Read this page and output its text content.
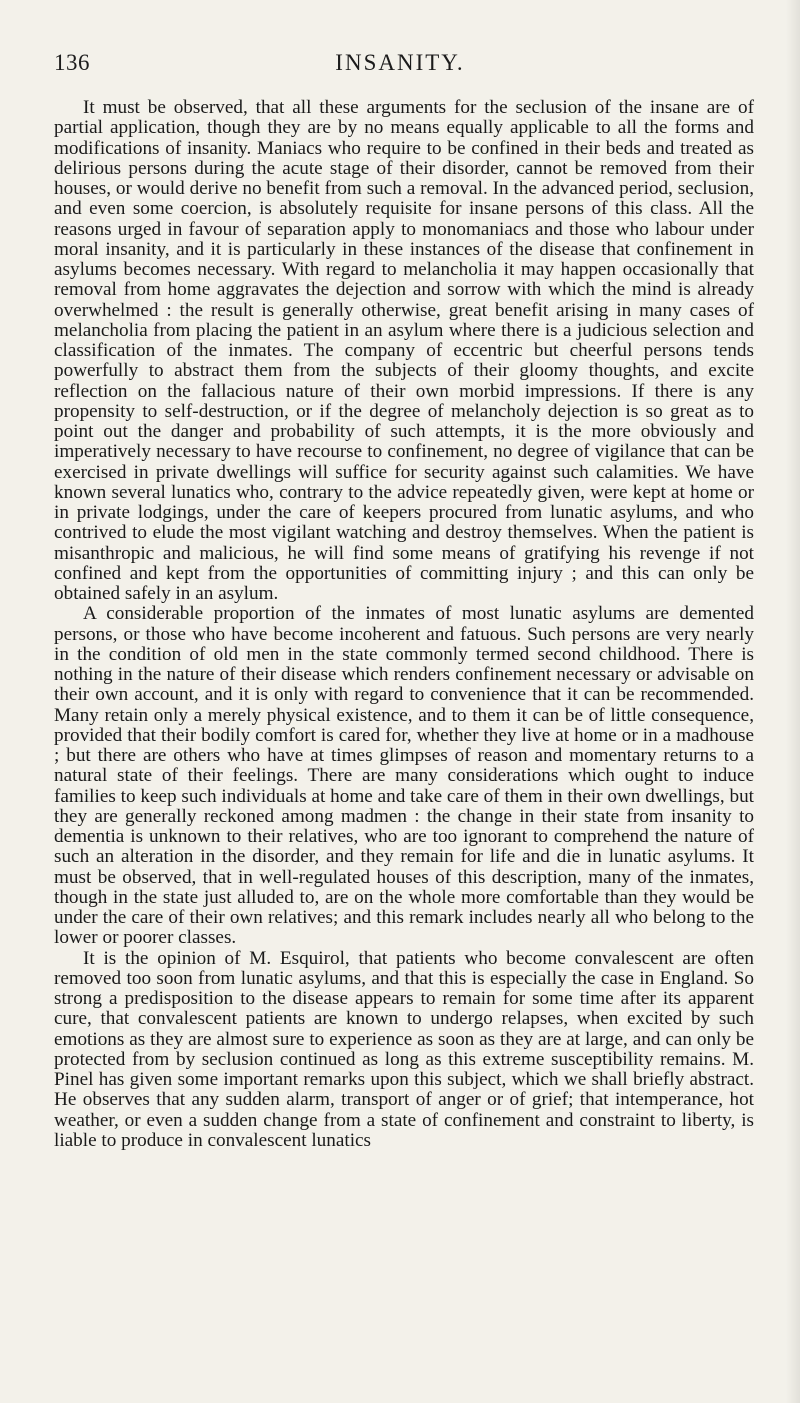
136	INSANITY.

It must be observed, that all these arguments for the seclusion of the insane are of partial application, though they are by no means equally applicable to all the forms and modifications of insanity. Maniacs who require to be confined in their beds and treated as delirious persons during the acute stage of their disorder, cannot be removed from their houses, or would derive no benefit from such a removal. In the advanced period, seclusion, and even some coercion, is absolutely requisite for insane persons of this class. All the reasons urged in favour of separation apply to monomaniacs and those who labour under moral insanity, and it is particularly in these instances of the disease that confinement in asylums becomes necessary. With regard to melancholia it may happen occasionally that removal from home aggravates the dejection and sorrow with which the mind is already overwhelmed : the result is generally otherwise, great benefit arising in many cases of melancholia from placing the patient in an asylum where there is a judicious selection and classification of the inmates. The company of eccentric but cheerful persons tends powerfully to abstract them from the subjects of their gloomy thoughts, and excite reflection on the fallacious nature of their own morbid impressions. If there is any propensity to self-destruction, or if the degree of melancholy dejection is so great as to point out the danger and probability of such attempts, it is the more obviously and imperatively necessary to have recourse to confinement, no degree of vigilance that can be exercised in private dwellings will suffice for security against such calamities. We have known several lunatics who, contrary to the advice repeatedly given, were kept at home or in private lodgings, under the care of keepers procured from lunatic asylums, and who contrived to elude the most vigilant watching and destroy themselves. When the patient is misanthropic and malicious, he will find some means of gratifying his revenge if not confined and kept from the opportunities of committing injury ; and this can only be obtained safely in an asylum.

A considerable proportion of the inmates of most lunatic asylums are demented persons, or those who have become incoherent and fatuous. Such persons are very nearly in the condition of old men in the state commonly termed second childhood. There is nothing in the nature of their disease which renders confinement necessary or advisable on their own account, and it is only with regard to convenience that it can be recommended. Many retain only a merely physical existence, and to them it can be of little consequence, provided that their bodily comfort is cared for, whether they live at home or in a madhouse ; but there are others who have at times glimpses of reason and momentary returns to a natural state of their feelings. There are many considerations which ought to induce families to keep such individuals at home and take care of them in their own dwellings, but they are generally reckoned among madmen : the change in their state from insanity to dementia is unknown to their relatives, who are too ignorant to comprehend the nature of such an alteration in the disorder, and they remain for life and die in lunatic asylums. It must be observed, that in well-regulated houses of this description, many of the inmates, though in the state just alluded to, are on the whole more comfortable than they would be under the care of their own relatives; and this remark includes nearly all who belong to the lower or poorer classes.

It is the opinion of M. Esquirol, that patients who become convalescent are often removed too soon from lunatic asylums, and that this is especially the case in England. So strong a predisposition to the disease appears to remain for some time after its apparent cure, that convalescent patients are known to undergo relapses, when excited by such emotions as they are almost sure to experience as soon as they are at large, and can only be protected from by seclusion continued as long as this extreme susceptibility remains. M. Pinel has given some important remarks upon this subject, which we shall briefly abstract. He observes that any sudden alarm, transport of anger or of grief; that intemperance, hot weather, or even a sudden change from a state of confinement and constraint to liberty, is liable to produce in convalescent lunatics
